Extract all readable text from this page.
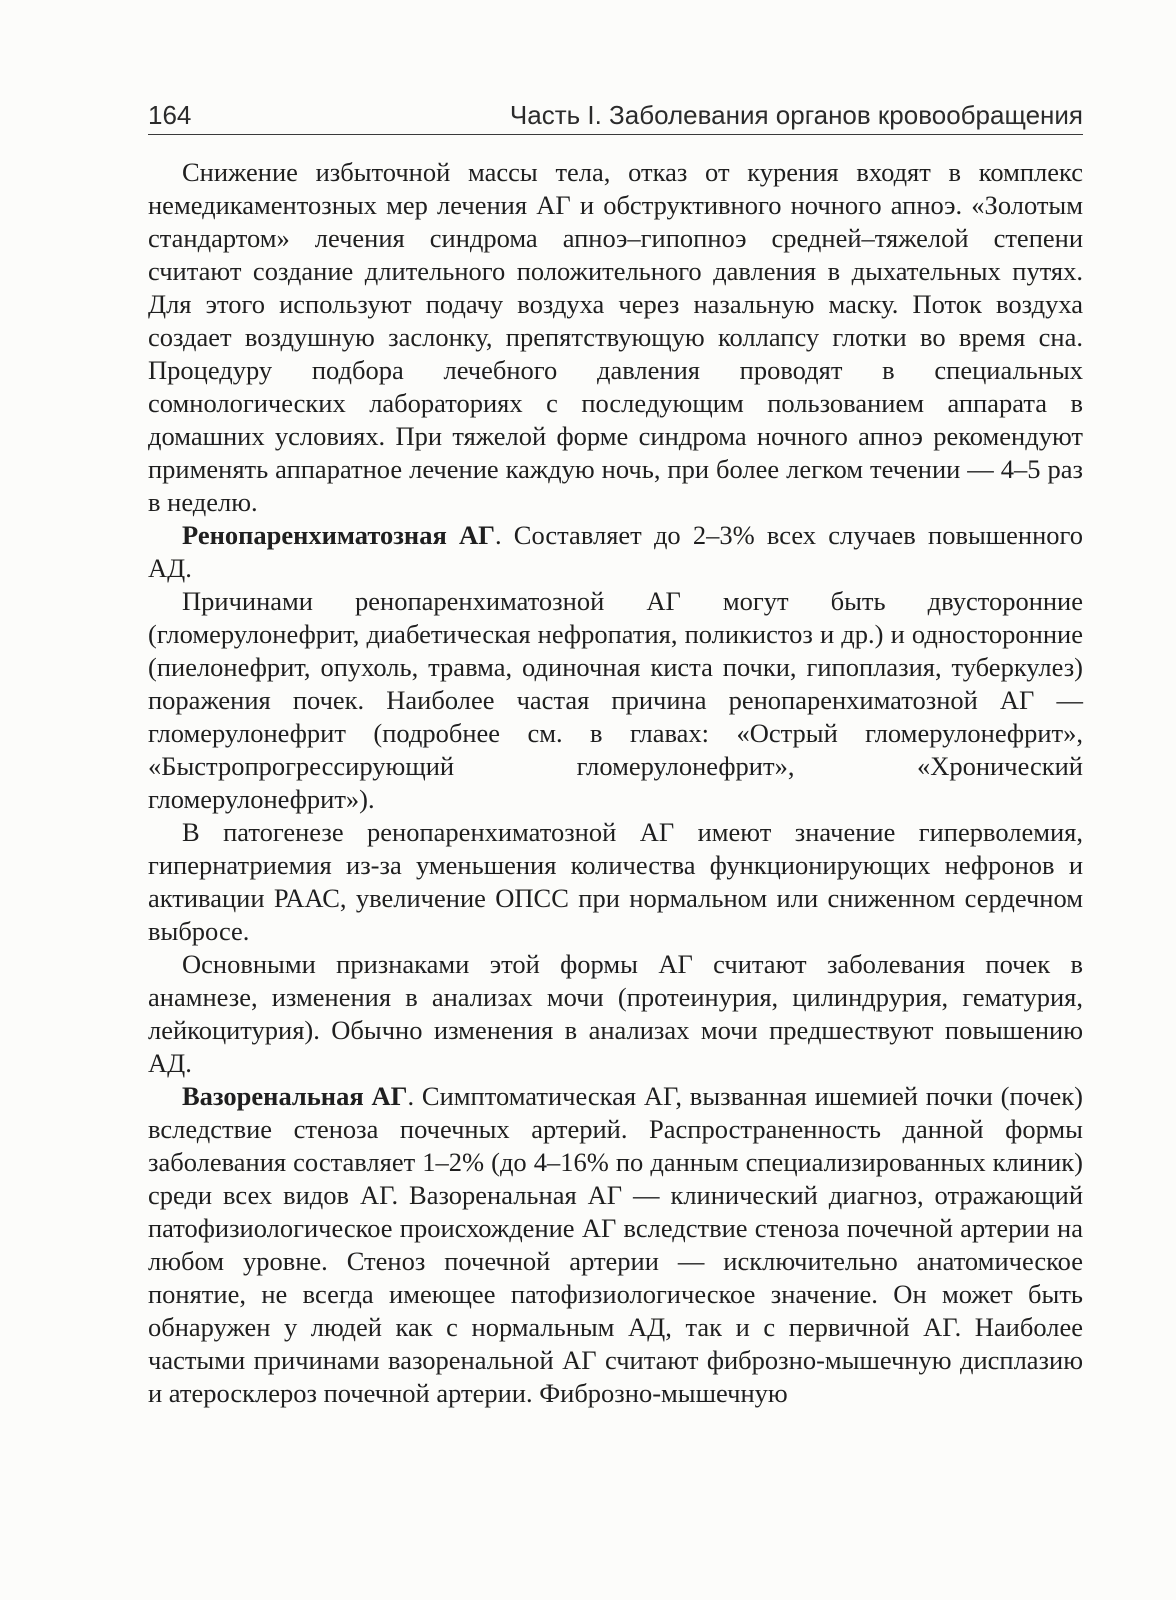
164	Часть I. Заболевания органов кровообращения

Снижение избыточной массы тела, отказ от курения входят в комплекс немедикаментозных мер лечения АГ и обструктивного ночного апноэ. «Золотым стандартом» лечения синдрома апноэ–гипопноэ средней–тяжелой степени считают создание длительного положительного давления в дыхательных путях. Для этого используют подачу воздуха через назальную маску. Поток воздуха создает воздушную заслонку, препятствующую коллапсу глотки во время сна. Процедуру подбора лечебного давления проводят в специальных сомнологических лабораториях с последующим пользованием аппарата в домашних условиях. При тяжелой форме синдрома ночного апноэ рекомендуют применять аппаратное лечение каждую ночь, при более легком течении — 4–5 раз в неделю.

Ренопаренхиматозная АГ. Составляет до 2–3% всех случаев повышенного АД.

Причинами ренопаренхиматозной АГ могут быть двусторонние (гломерулонефрит, диабетическая нефропатия, поликистоз и др.) и односторонние (пиелонефрит, опухоль, травма, одиночная киста почки, гипоплазия, туберкулез) поражения почек. Наиболее частая причина ренопаренхиматозной АГ — гломерулонефрит (подробнее см. в главах: «Острый гломерулонефрит», «Быстропрогрессирующий гломерулонефрит», «Хронический гломерулонефрит»).

В патогенезе ренопаренхиматозной АГ имеют значение гиперволемия, гипернатриемия из-за уменьшения количества функционирующих нефронов и активации РААС, увеличение ОПСС при нормальном или сниженном сердечном выбросе.

Основными признаками этой формы АГ считают заболевания почек в анамнезе, изменения в анализах мочи (протеинурия, цилиндрурия, гематурия, лейкоцитурия). Обычно изменения в анализах мочи предшествуют повышению АД.

Вазоренальная АГ. Симптоматическая АГ, вызванная ишемией почки (почек) вследствие стеноза почечных артерий. Распространенность данной формы заболевания составляет 1–2% (до 4–16% по данным специализированных клиник) среди всех видов АГ. Вазоренальная АГ — клинический диагноз, отражающий патофизиологическое происхождение АГ вследствие стеноза почечной артерии на любом уровне. Стеноз почечной артерии — исключительно анатомическое понятие, не всегда имеющее патофизиологическое значение. Он может быть обнаружен у людей как с нормальным АД, так и с первичной АГ. Наиболее частыми причинами вазоренальной АГ считают фиброзно-мышечную дисплазию и атеросклероз почечной артерии. Фиброзно-мышечную
